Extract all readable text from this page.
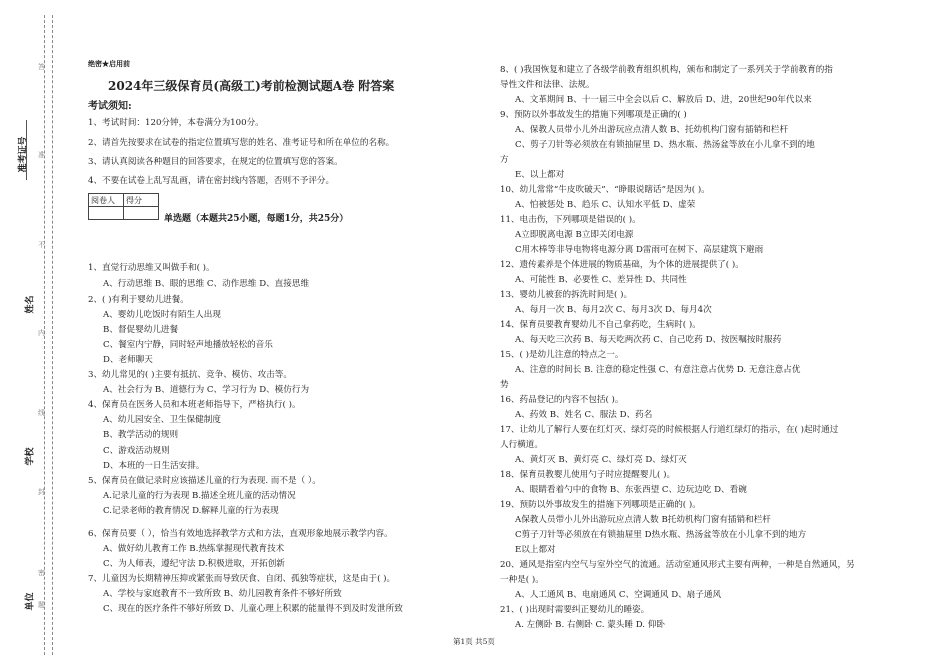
密
封
线
内
不
准
答
题
准考证号
姓名
学校
单位
绝密★启用前
2024年三级保育员(高级工)考前检测试题A卷 附答案
考试须知:
1、考试时间：120分钟，本卷满分为100分。
2、请首先按要求在试卷的指定位置填写您的姓名、准考证号和所在单位的名称。
3、请认真阅读各种题目的回答要求，在规定的位置填写您的答案。
4、不要在试卷上乱写乱画，请在密封线内答题，否则不予评分。
阅卷人	得分

单选题（本题共25小题，每题1分，共25分）
1、直觉行动思维又叫做手和( )。
A、行动思维 B、眼的思维 C、动作思维 D、直接思维
2、( )有利于婴幼儿进餐。
A、婴幼儿吃饭时有陌生人出现
B、督促婴幼儿进餐
C、餐室内宁静，同时轻声地播放轻松的音乐
D、老师聊天
3、幼儿常见的( )主要有抵抗、竞争、模仿、攻击等。
A、社会行为 B、道德行为 C、学习行为 D、模仿行为
4、保育员在医务人员和本班老师指导下，严格执行( )。
A、幼儿园安全、卫生保健制度
B、教学活动的规则
C、游戏活动规则
D、本班的一日生活安排。
5、保育员在做记录时应该描述儿童的行为表现. 而不是（ ）。
A.记录儿童的行为表现 B.描述全班儿童的活动情况
C.记录老师的教育情况 D.解释儿童的行为表现
6、保育员要（ ），恰当有效地选择教学方式和方法，直观形象地展示教学内容。
A、做好幼儿教育工作 B.热练掌握现代教育技术
C、为人师表，遵纪守法 D.积极进取，开拓创新
7、儿童因为长期精神压抑或紧张而导致厌食、自闭、孤独等症状，这是由于( )。
A、学校与家庭教育不一致所致 B、幼儿园教育条件不够好所致
C、现在的医疗条件不够好所致 D、儿童心理上积累的能量得不到及时发泄所致
8、( )我国恢复和建立了各级学前教育组织机构，颁布和制定了一系列关于学前教育的指
导性文件和法律、法规。
A、文革期间 B、十一届三中全会以后 C、解放后 D、进，20世纪90年代以来
9、预防以外事故发生的措施下列哪项是正确的( )
A、保教人员带小儿外出游玩应点清人数 B、托幼机构门窗有插销和栏杆
C、剪子刀针等必须放在有锁抽屉里 D、热水瓶、热汤盆等放在小儿拿不到的地
方
E、以上都对
10、幼儿常常“牛皮吹破天”、“睁眼说瞎话”是因为( )。
A、怕被惩处 B、趋乐 C、认知水平低 D、虚荣
11、电击伤，下列哪项是错误的( )。
A立即脱离电源 B立即关闭电源
C用木棒等非导电物将电源分离 D雷雨可在树下、高层建筑下避雨
12、遗传素养是个体进展的物质基础，为个体的进展提供了( )。
A、可能性 B、必要性 C、差异性 D、共同性
13、婴幼儿被套的拆洗时间是( )。
A、每月一次 B、每月2次 C、每月3次 D、每月4次
14、保育员要教育婴幼儿不自己拿药吃，生病时( )。
A、每天吃三次药 B、每天吃两次药 C、自己吃药 D、按医嘱按时服药
15、( )是幼儿注意的特点之一。
A、注意的时间长 B. 注意的稳定性强 C、有意注意占优势 D. 无意注意占优
势
16、药品登记的内容不包括( )。
A、药效 B、姓名 C、服法 D、药名
17、让幼儿了解行人要在红灯灭、绿灯亮的时候根据人行道红绿灯的指示，在( )起时通过
人行横道。
A、黄灯灭 B、黄灯亮 C、绿灯亮 D、绿灯灭
18、保育员教婴儿使用勺子时应提醒婴儿( )。
A、眼睛看着勺中的食物 B、东张西望 C、边玩边吃 D、看碗
19、预防以外事故发生的措施下列哪项是正确的( )。
A保教人员带小儿外出游玩应点清人数 B托幼机构门窗有插销和栏杆
C剪子刀针等必须放在有锁抽屉里 D热水瓶、热汤盆等放在小儿拿不到的地方
E以上都对
20、通风是指室内空气与室外空气的流通。活动室通风形式主要有两种，一种是自然通风，另
一种是( )。
A、人工通风 B、电扇通风 C、空调通风 D、扇子通风
21、( )出现时需要纠正婴幼儿的睡姿。
A. 左侧卧 B. 右侧卧 C. 蒙头睡 D. 仰卧
第1页 共5页
